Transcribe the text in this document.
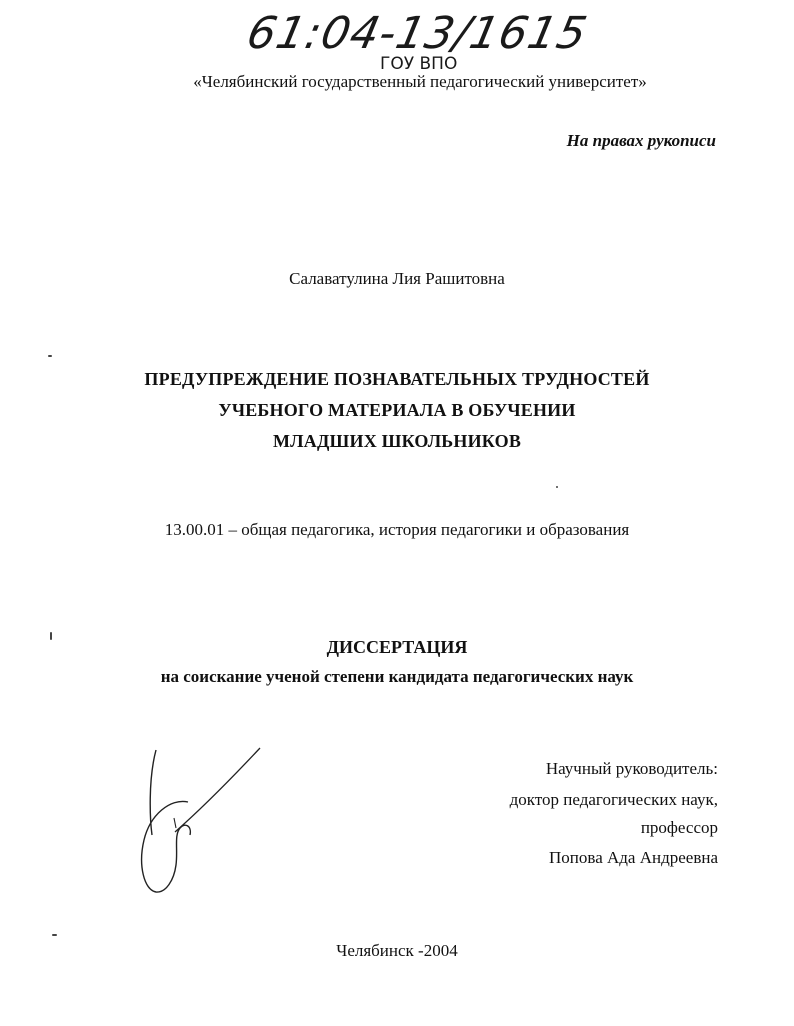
61:04-13/1615
ГОУ ВПО
«Челябинский государственный педагогический университет»
На правах рукописи
Салаватулина Лия Рашитовна
ПРЕДУПРЕЖДЕНИЕ ПОЗНАВАТЕЛЬНЫХ ТРУДНОСТЕЙ
УЧЕБНОГО МАТЕРИАЛА В ОБУЧЕНИИ
МЛАДШИХ ШКОЛЬНИКОВ
13.00.01 – общая педагогика, история педагогики и образования
ДИССЕРТАЦИЯ
на соискание ученой степени кандидата педагогических наук
Научный руководитель:
доктор педагогических наук,
профессор
Попова Ада Андреевна
Челябинск -2004
